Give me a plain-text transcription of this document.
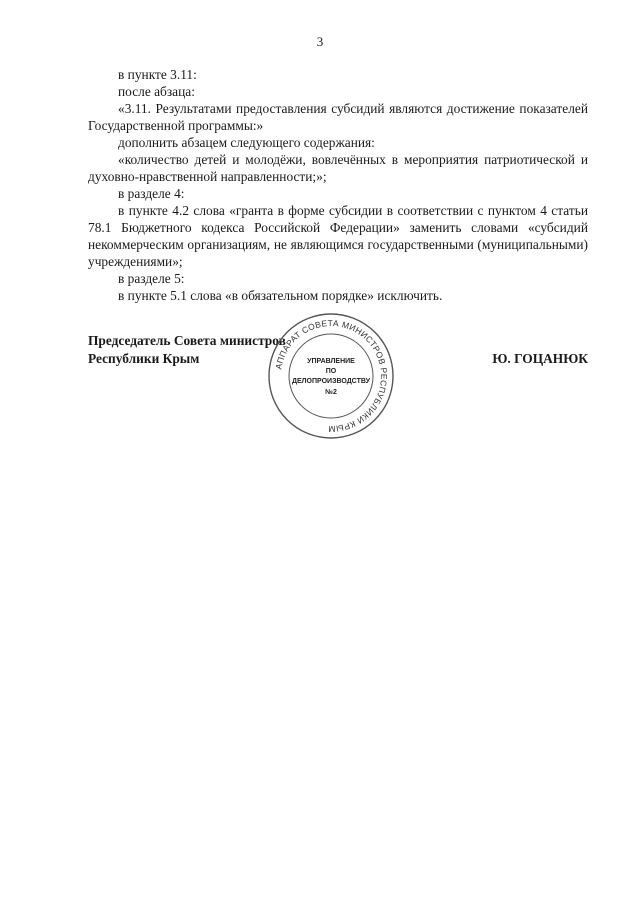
3

в пункте 3.11:

после абзаца:

«3.11. Результатами предоставления субсидий являются достижение показателей Государственной программы:»

дополнить абзацем следующего содержания:

«количество детей и молодёжи, вовлечённых в мероприятия патриотической и духовно-нравственной направленности;»;

в разделе 4:

в пункте 4.2 слова «гранта в форме субсидии в соответствии с пунктом 4 статьи 78.1 Бюджетного кодекса Российской Федерации» заменить словами «субсидий некоммерческим организациям, не являющимся государственными (муниципальными) учреждениями»;

в разделе 5:

в пункте 5.1 слова «в обязательном порядке» исключить.

Председатель Совета министров
Республики Крым	Ю. ГОЦАНЮК
АППАРАТ СОВЕТА МИНИСТРОВ РЕСПУБЛИКИ КРЫМ
УПРАВЛЕНИЕ
ПО
ДЕЛОПРОИЗВОДСТВУ
№2
